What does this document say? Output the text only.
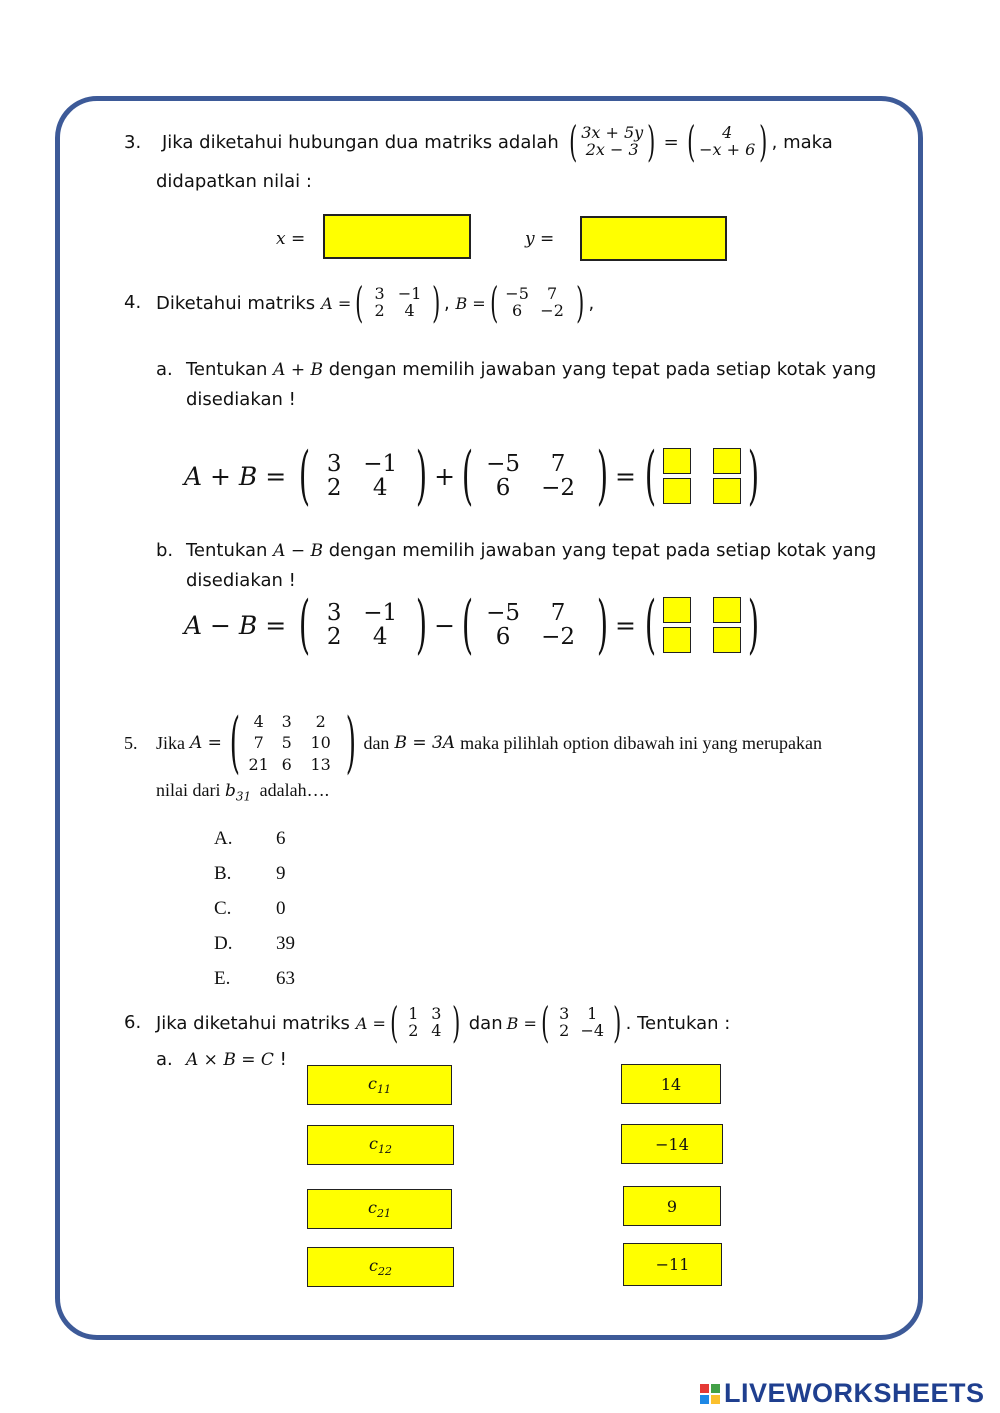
3. Jika diketahui hubungan dua matriks adalah ( 3x + 5y
2x − 3 ) = (	4
−x + 6 ) , maka
didapatkan nilai :
x =	y =
4. Diketahui matriks A = ( 3 −1
2	4 ) , B = ( −5	7
6	−2 ) ,
a. Tentukan A + B dengan memilih jawaban yang tepat pada setiap kotak yang
disediakan !
A + B = ( 3 −1
2	4 ) + ( −5	7
6	−2 ) = ( )
b. Tentukan A − B dengan memilih jawaban yang tepat pada setiap kotak yang
disediakan !
A − B = ( 3 −1
2	4 ) − ( −5	7
6	−2 ) = ( )
5. Jika A = ( 4	3	2
7	5	10
21 6	13 ) dan B = 3A maka pilihlah option dibawah ini yang merupakan
nilai dari $b_{31}$ adalah….
A. 6
B. 9
C. 0
D. 39
E. 63
6. Jika diketahui matriks A = ( 1 3
2 4 ) dan B = ( 3	1
2 −4 ) . Tentukan :
a. A × B = C !
$c_{11}$
$c_{12}$
$c_{21}$
$c_{22}$
14
−14
9
−11
LIVEWORKSHEETS
